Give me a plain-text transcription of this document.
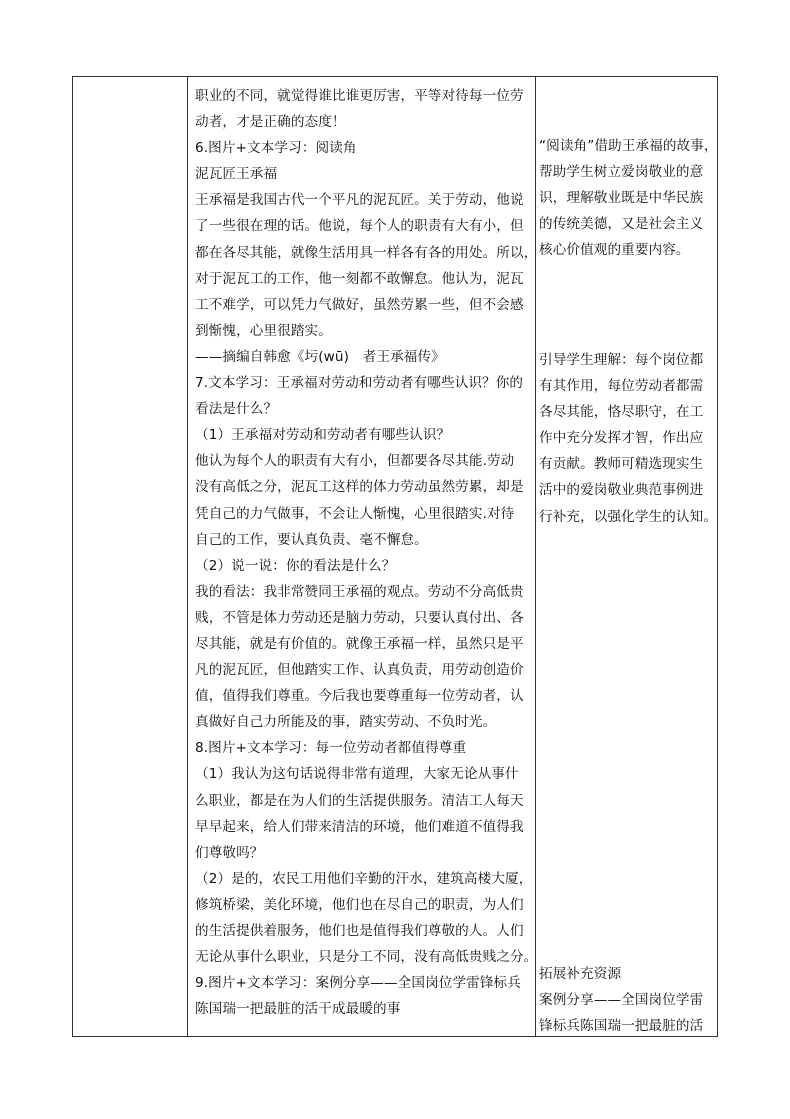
职业的不同，就觉得谁比谁更厉害，平等对待每一位劳
动者，才是正确的态度！
6.图片+文本学习：阅读角
泥瓦匠王承福
王承福是我国古代一个平凡的泥瓦匠。关于劳动，他说
了一些很在理的话。他说，每个人的职责有大有小，但
都在各尽其能，就像生活用具一样各有各的用处。所以，
对于泥瓦工的工作，他一刻都不敢懈怠。他认为，泥瓦
工不难学，可以凭力气做好，虽然劳累一些，但不会感
到惭愧，心里很踏实。
——摘编自韩愈《圬(wū)　者王承福传》
7.文本学习：王承福对劳动和劳动者有哪些认识？你的
看法是什么？
（1）王承福对劳动和劳动者有哪些认识？
他认为每个人的职责有大有小，但都要各尽其能.劳动
没有高低之分，泥瓦工这样的体力劳动虽然劳累，却是
凭自己的力气做事，不会让人惭愧，心里很踏实.对待
自己的工作，要认真负责、毫不懈怠。
（2）说一说：你的看法是什么？
我的看法：我非常赞同王承福的观点。劳动不分高低贵
贱，不管是体力劳动还是脑力劳动，只要认真付出、各
尽其能，就是有价值的。就像王承福一样，虽然只是平
凡的泥瓦匠，但他踏实工作、认真负责，用劳动创造价
值，值得我们尊重。今后我也要尊重每一位劳动者，认
真做好自己力所能及的事，踏实劳动、不负时光。
8.图片+文本学习：每一位劳动者都值得尊重
（1）我认为这句话说得非常有道理，大家无论从事什
么职业，都是在为人们的生活提供服务。清洁工人每天
早早起来，给人们带来清洁的环境，他们难道不值得我
们尊敬吗？
（2）是的，农民工用他们辛勤的汗水，建筑高楼大厦，
修筑桥梁，美化环境，他们也在尽自己的职责，为人们
的生活提供着服务，他们也是值得我们尊敬的人。人们
无论从事什么职业，只是分工不同，没有高低贵贱之分。
9.图片+文本学习：案例分享——全国岗位学雷锋标兵
陈国瑞一把最脏的活干成最暖的事
“阅读角”借助王承福的故事，
帮助学生树立爱岗敬业的意
识，理解敬业既是中华民族
的传统美德，又是社会主义
核心价值观的重要内容。
引导学生理解：每个岗位都
有其作用，每位劳动者都需
各尽其能，恪尽职守，在工
作中充分发挥才智，作出应
有贡献。教师可精选现实生
活中的爱岗敬业典范事例进
行补充，以强化学生的认知。
拓展补充资源
案例分享——全国岗位学雷
锋标兵陈国瑞一把最脏的活
